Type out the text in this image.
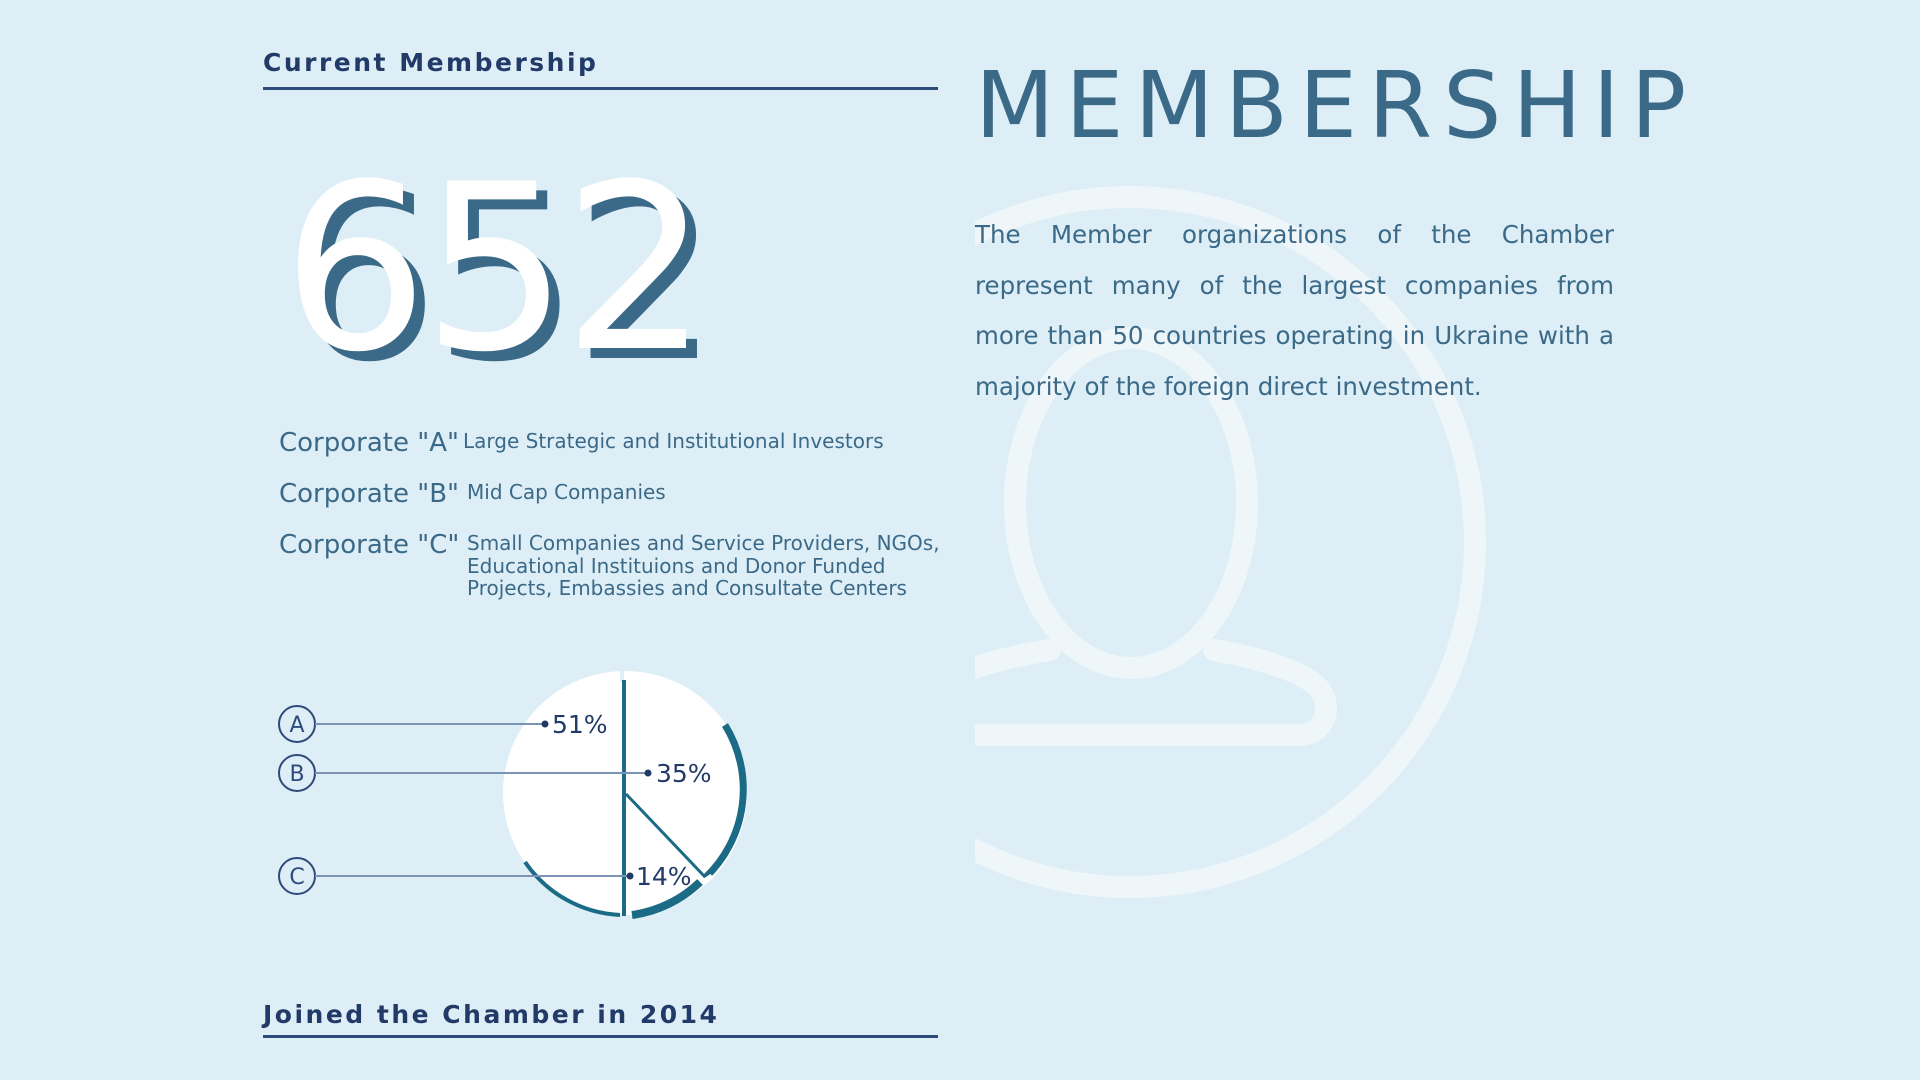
Current Membership	MEMBERSHIP
652	The Member organizations of the Chamber represent many of the largest companies from more than 50 countries operating in Ukraine with a majority of the foreign direct investment.
Corporate "A" Large Strategic and Institutional Investors
Corporate "B" Mid Cap Companies
Corporate "C" Small Companies and Service Providers, NGOs, Educational Instituions and Donor Funded Projects, Embassies and Consultate Centers
A	51%
B	35%
C	14%
Joined the Chamber in 2014
